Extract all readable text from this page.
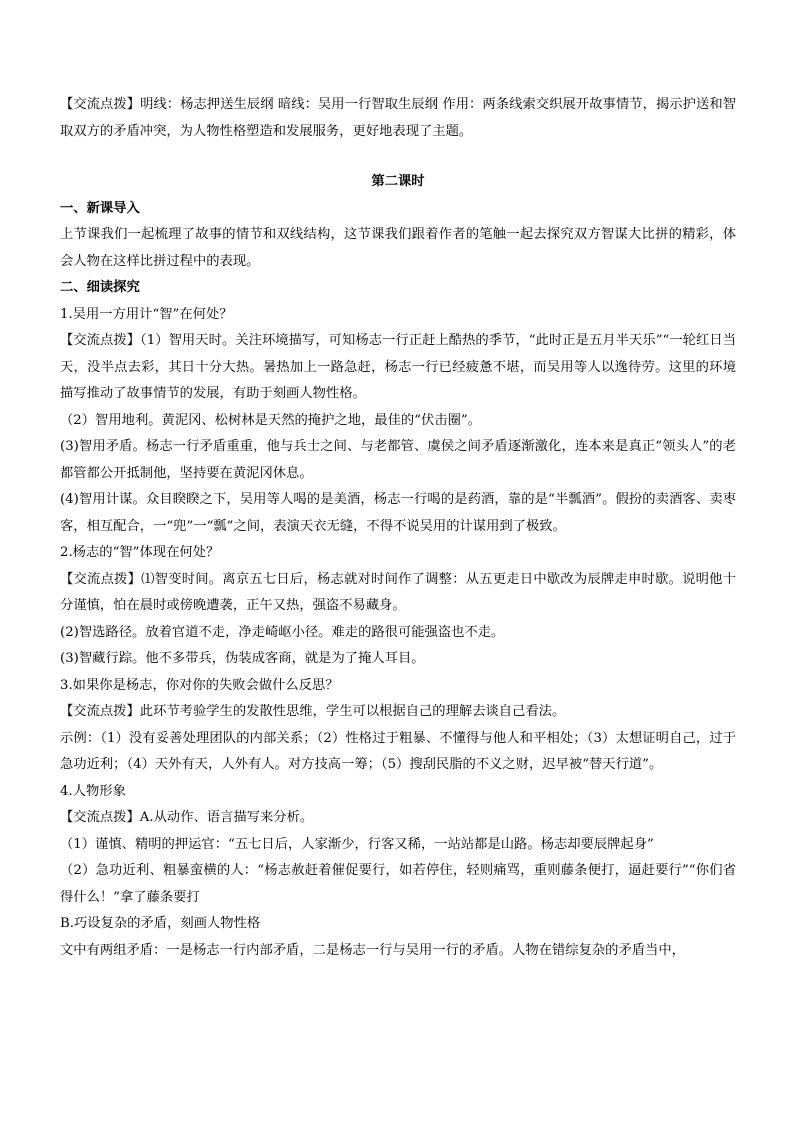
【交流点拨】明线：杨志押送生辰纲 暗线：吴用一行智取生辰纲 作用：两条线索交织展开故事情节，揭示护送和智取双方的矛盾冲突，为人物性格塑造和发展服务，更好地表现了主题。

第二课时

一、新课导入

上节课我们一起梳理了故事的情节和双线结构，这节课我们跟着作者的笔触一起去探究双方智谋大比拼的精彩，体会人物在这样比拼过程中的表现。

二、细读探究

1.吴用一方用计“智”在何处？

【交流点拨】（1）智用天时。关注环境描写，可知杨志一行正赶上酷热的季节，“此时正是五月半天乐”“一轮红日当天，没半点去彩，其日十分大热。暑热加上一路急赶，杨志一行已经疲惫不堪，而吴用等人以逸待劳。这里的环境描写推动了故事情节的发展，有助于刻画人物性格。

（2）智用地利。黄泥冈、松树林是天然的掩护之地，最佳的“伏击圈”。

(3)智用矛盾。杨志一行矛盾重重，他与兵士之间、与老都管、虞侯之间矛盾逐渐激化，连本来是真正“领头人”的老都管都公开抵制他，坚持要在黄泥冈休息。

(4)智用计谋。众目睽睽之下，吴用等人喝的是美酒，杨志一行喝的是药酒，靠的是“半瓢酒”。假扮的卖酒客、卖枣客，相互配合，一“兜”一“瓢”之间，表演天衣无缝，不得不说吴用的计谋用到了极致。

2.杨志的“智”体现在何处？

【交流点拨】⑴智变时间。离京五七日后，杨志就对时间作了调整：从五更走日中歇改为辰牌走申时歇。说明他十分谨慎，怕在晨时或傍晚遭袭，正午又热，强盗不易藏身。

(2)智选路径。放着官道不走，净走崎岖小径。难走的路很可能强盗也不走。

(3)智藏行踪。他不多带兵，伪装成客商，就是为了掩人耳目。

3.如果你是杨志，你对你的失败会做什么反思？

【交流点拨】此环节考验学生的发散性思维，学生可以根据自己的理解去谈自己看法。

示例：（1）没有妥善处理团队的内部关系；（2）性格过于粗暴、不懂得与他人和平相处；（3）太想证明自己，过于急功近利；（4）天外有天，人外有人。对方技高一筹；（5）搜刮民脂的不义之财，迟早被“替天行道”。

4.人物形象

【交流点拨】A.从动作、语言描写来分析。

（1）谨慎、精明的押运官：“五七日后，人家渐少，行客又稀，一站站都是山路。杨志却要辰牌起身”

（2）急功近利、粗暴蛮横的人：“杨志赦赶着催促要行，如若停住，轻则痛骂，重则藤条便打，逼赶要行”“你们省得什么！”拿了藤条要打

B.巧设复杂的矛盾，刻画人物性格

文中有两组矛盾：一是杨志一行内部矛盾，二是杨志一行与吴用一行的矛盾。人物在错综复杂的矛盾当中，
